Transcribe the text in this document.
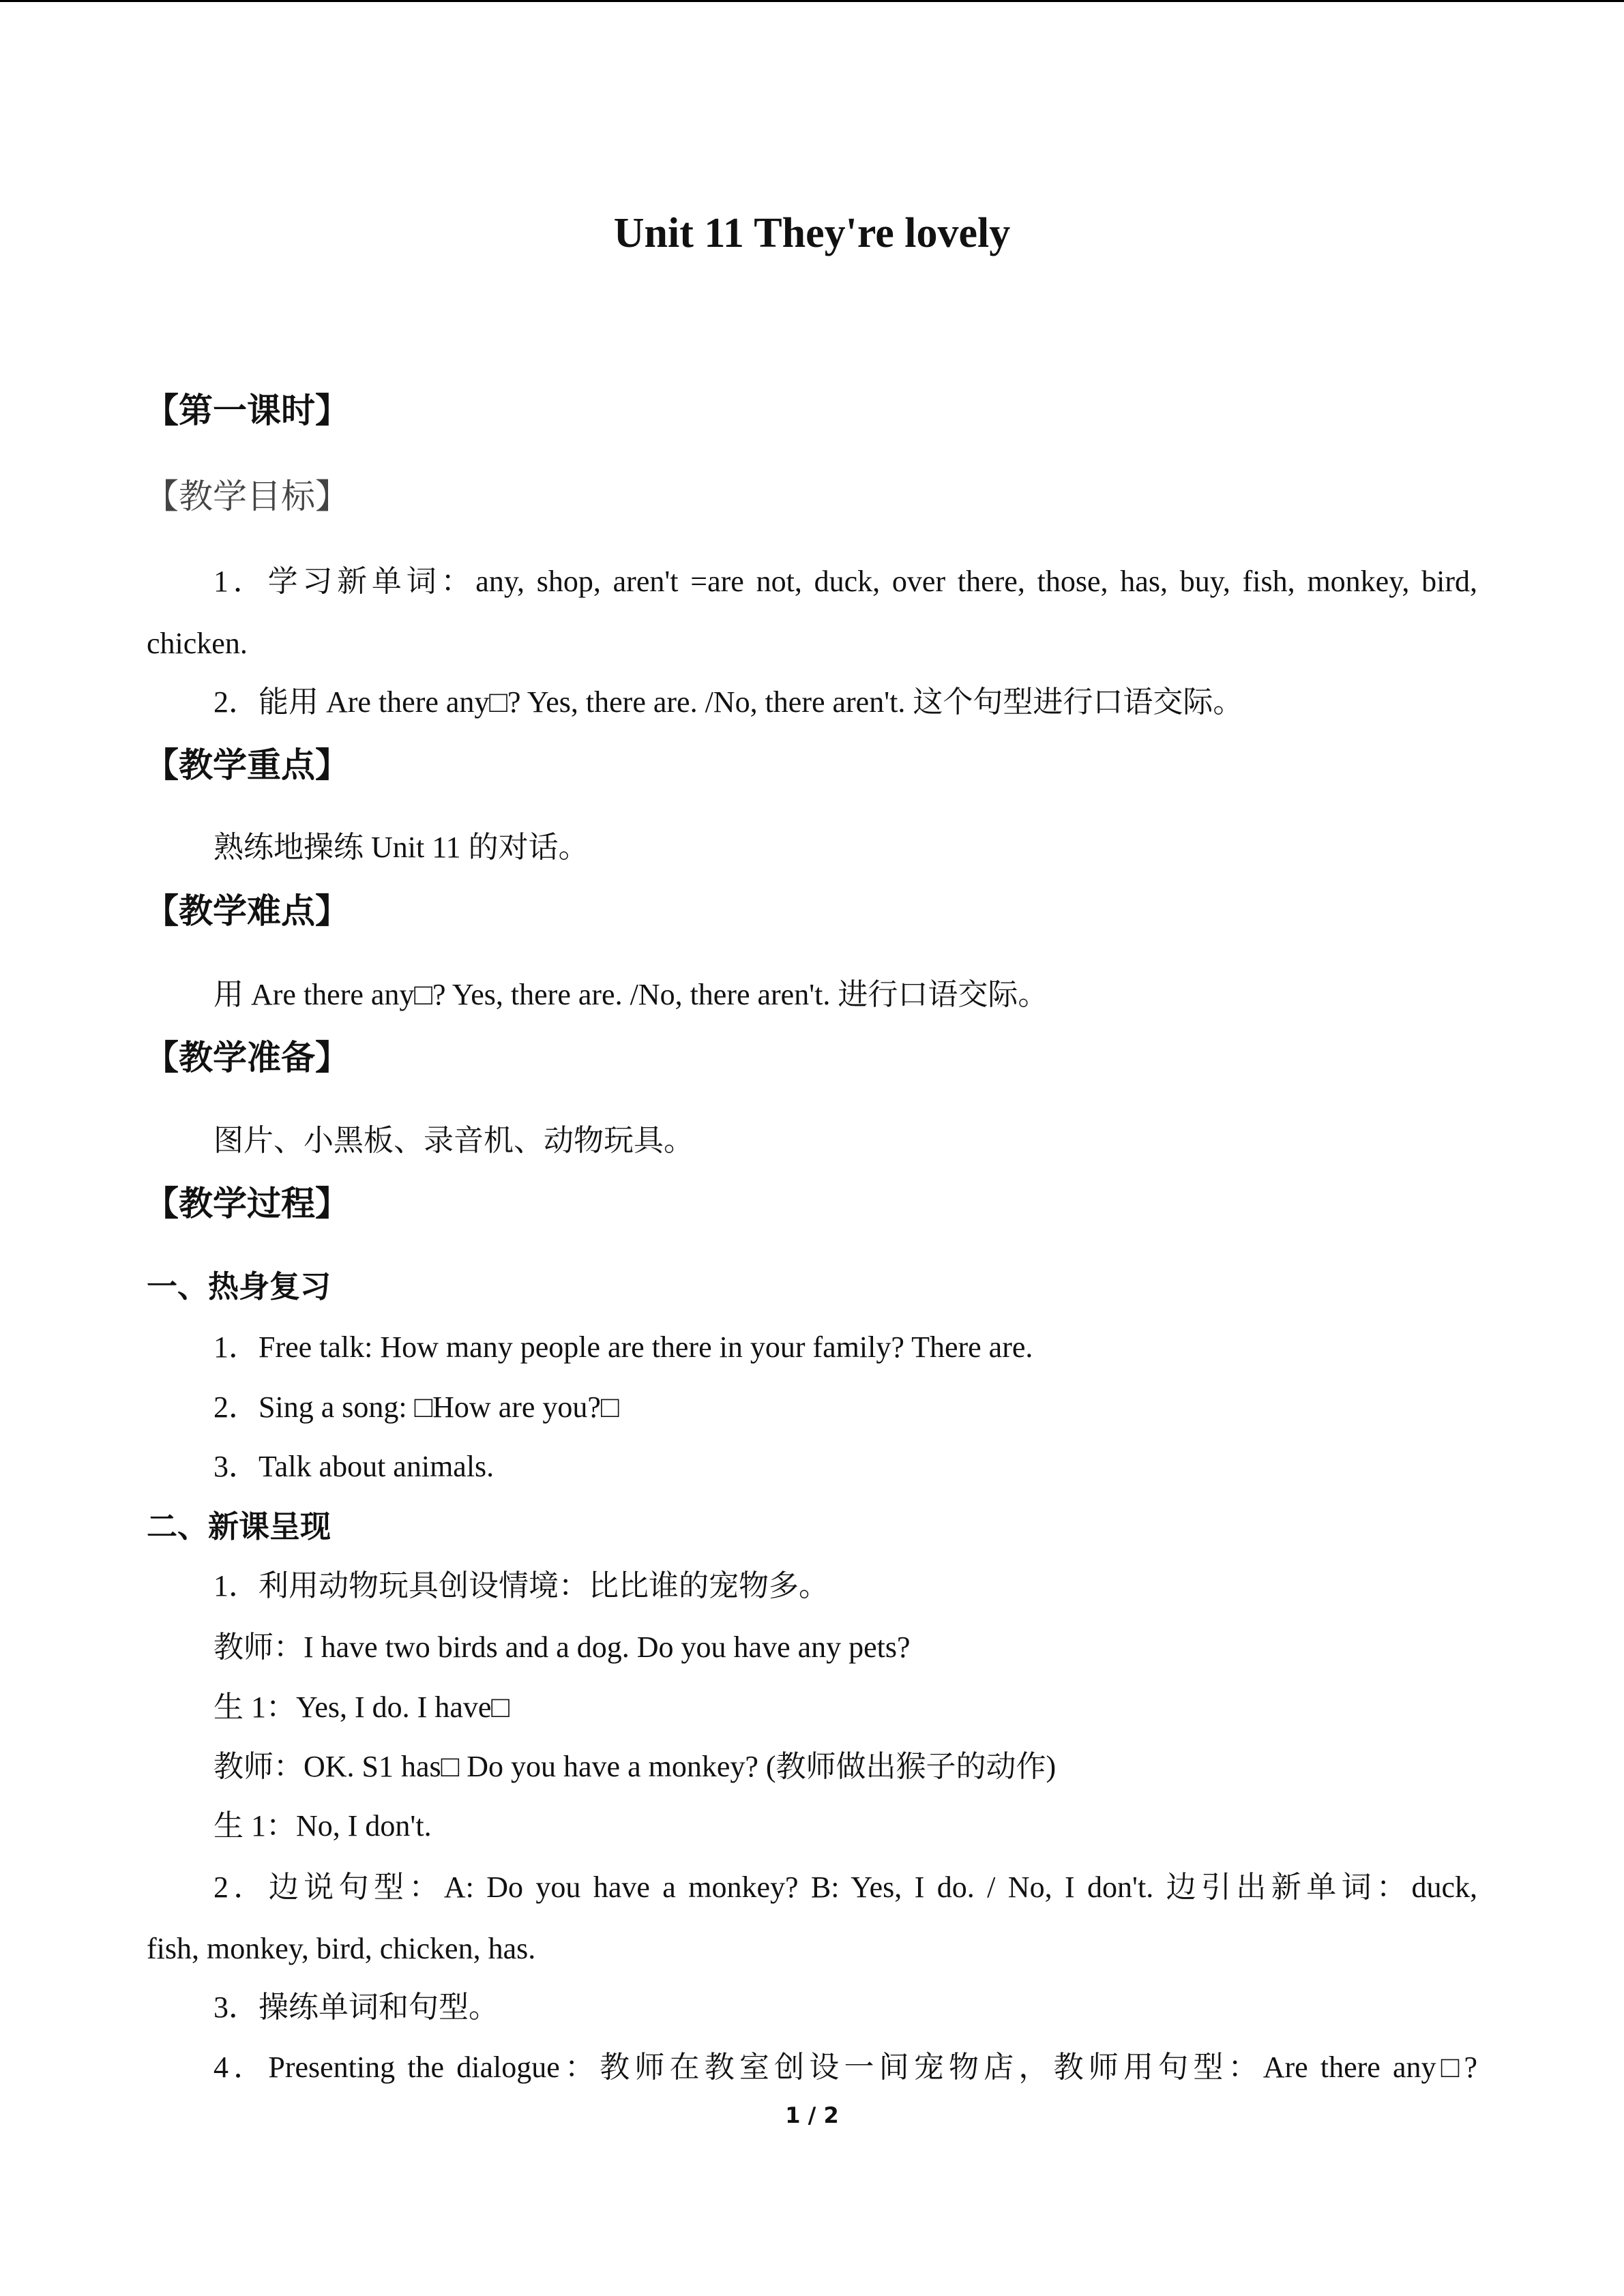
Unit 11 They're lovely
【第一课时】
【教学目标】
1．学习新单词：any, shop, aren't =are not, duck, over there, those, has, buy, fish, monkey, bird,
chicken.
2．能用 Are there any□? Yes, there are. /No, there aren't. 这个句型进行口语交际。
【教学重点】
熟练地操练 Unit 11 的对话。
【教学难点】
用 Are there any□? Yes, there are. /No, there aren't. 进行口语交际。
【教学准备】
图片、小黑板、录音机、动物玩具。
【教学过程】
一、热身复习
1．Free talk: How many people are there in your family? There are.
2．Sing a song: □How are you?□
3．Talk about animals.
二、新课呈现
1．利用动物玩具创设情境：比比谁的宠物多。
教师：I have two birds and a dog. Do you have any pets?
生 1：Yes, I do. I have□
教师：OK. S1 has□ Do you have a monkey? (教师做出猴子的动作)
生 1：No, I don't.
2．边说句型：A: Do you have a monkey? B: Yes, I do. / No, I don't. 边引出新单词：duck,
fish, monkey, bird, chicken, has.
3．操练单词和句型。
4．Presenting the dialogue：教师在教室创设一间宠物店，教师用句型：Are there any□?
1 / 2
